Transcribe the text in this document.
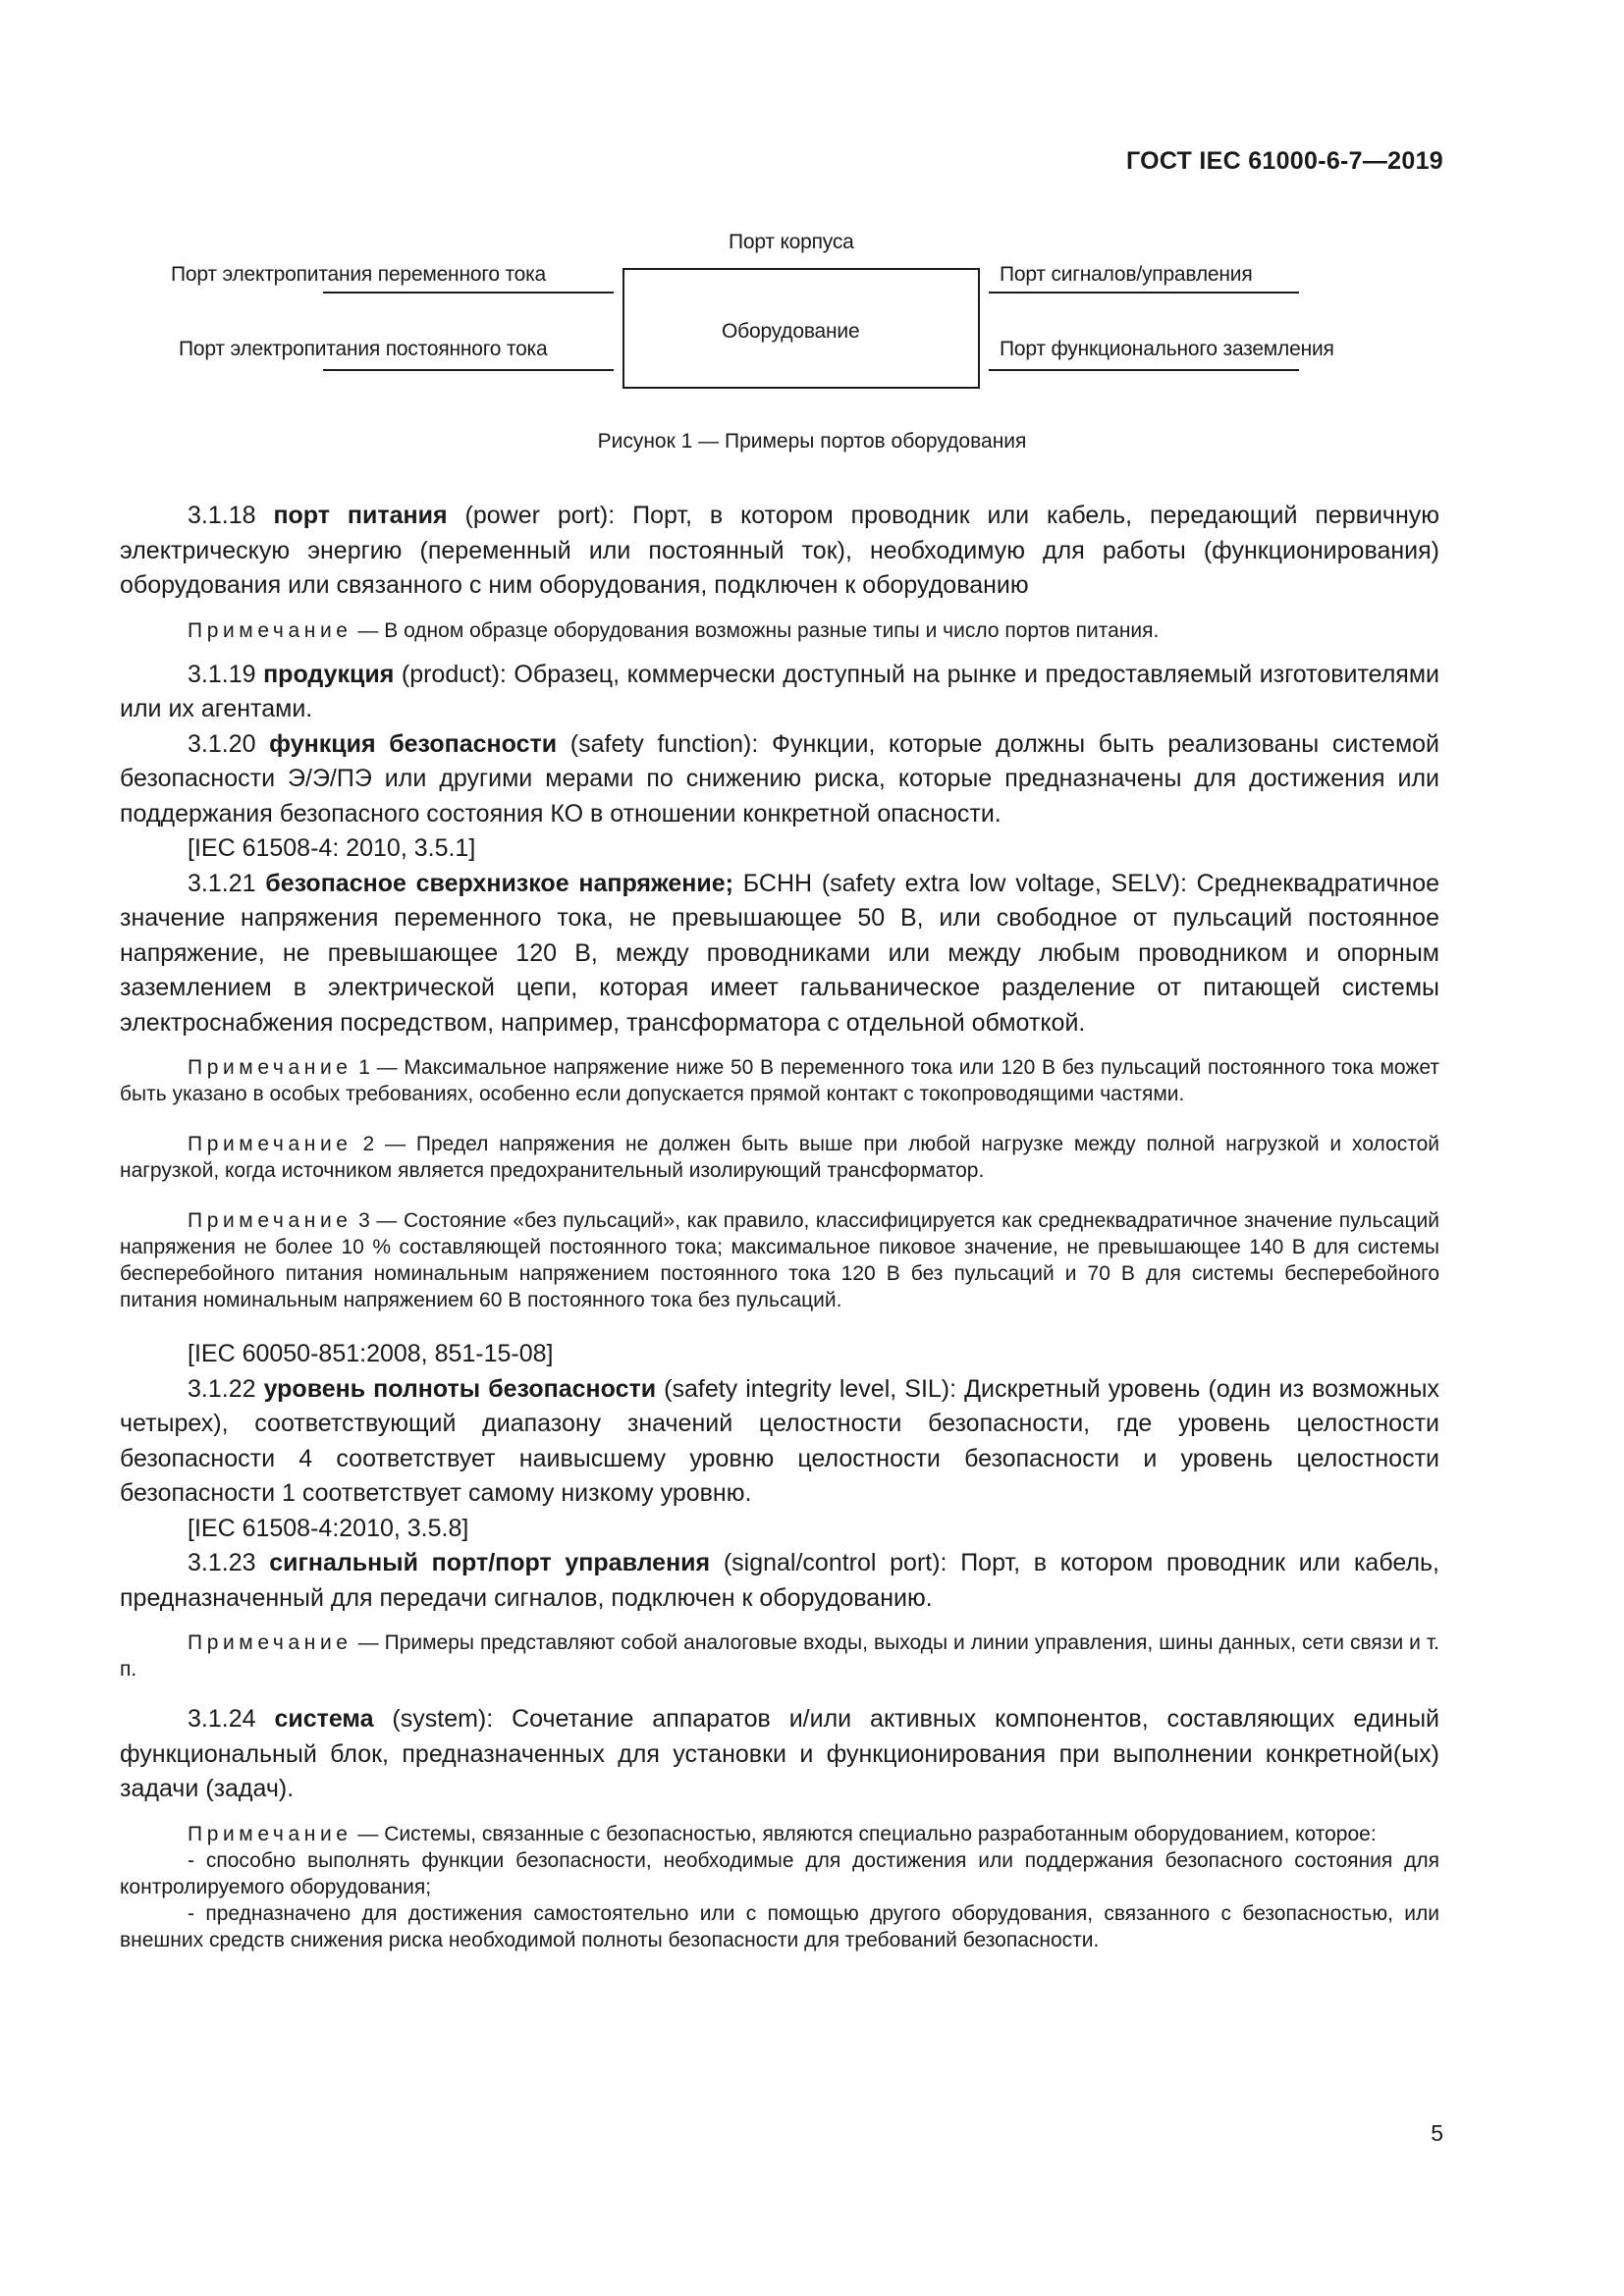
ГОСТ IEC 61000-6-7—2019
Порт корпуса
Порт электропитания переменного тока
Порт электропитания постоянного тока
Оборудование
Порт сигналов/управления
Порт функционального заземления
Рисунок 1 — Примеры портов оборудования

3.1.18 порт питания (power port): Порт, в котором проводник или кабель, передающий первичную электрическую энергию (переменный или постоянный ток), необходимую для работы (функционирования) оборудования или связанного с ним оборудования, подключен к оборудованию

Примечание — В одном образце оборудования возможны разные типы и число портов питания.

3.1.19 продукция (product): Образец, коммерчески доступный на рынке и предоставляемый изготовителями или их агентами.

3.1.20 функция безопасности (safety function): Функции, которые должны быть реализованы системой безопасности Э/Э/ПЭ или другими мерами по снижению риска, которые предназначены для достижения или поддержания безопасного состояния КО в отношении конкретной опасности.

[IEC 61508-4: 2010, 3.5.1]

3.1.21 безопасное сверхнизкое напряжение; БСНН (safety extra low voltage, SELV): Среднеквадратичное значение напряжения переменного тока, не превышающее 50 В, или свободное от пульсаций постоянное напряжение, не превышающее 120 В, между проводниками или между любым проводником и опорным заземлением в электрической цепи, которая имеет гальваническое разделение от питающей системы электроснабжения посредством, например, трансформатора с отдельной обмоткой.

Примечание 1 — Максимальное напряжение ниже 50 В переменного тока или 120 В без пульсаций постоянного тока может быть указано в особых требованиях, особенно если допускается прямой контакт с токопроводящими частями.

Примечание 2 — Предел напряжения не должен быть выше при любой нагрузке между полной нагрузкой и холостой нагрузкой, когда источником является предохранительный изолирующий трансформатор.

Примечание 3 — Состояние «без пульсаций», как правило, классифицируется как среднеквадратичное значение пульсаций напряжения не более 10 % составляющей постоянного тока; максимальное пиковое значение, не превышающее 140 В для системы бесперебойного питания номинальным напряжением постоянного тока 120 В без пульсаций и 70 В для системы бесперебойного питания номинальным напряжением 60 В постоянного тока без пульсаций.

[IEC 60050-851:2008, 851-15-08]

3.1.22 уровень полноты безопасности (safety integrity level, SIL): Дискретный уровень (один из возможных четырех), соответствующий диапазону значений целостности безопасности, где уровень целостности безопасности 4 соответствует наивысшему уровню целостности безопасности и уровень целостности безопасности 1 соответствует самому низкому уровню.

[IEC 61508-4:2010, 3.5.8]

3.1.23 сигнальный порт/порт управления (signal/control port): Порт, в котором проводник или кабель, предназначенный для передачи сигналов, подключен к оборудованию.

Примечание — Примеры представляют собой аналоговые входы, выходы и линии управления, шины данных, сети связи и т. п.

3.1.24 система (system): Сочетание аппаратов и/или активных компонентов, составляющих единый функциональный блок, предназначенных для установки и функционирования при выполнении конкретной(ых) задачи (задач).

Примечание — Системы, связанные с безопасностью, являются специально разработанным оборудованием, которое:

- способно выполнять функции безопасности, необходимые для достижения или поддержания безопасного состояния для контролируемого оборудования;

- предназначено для достижения самостоятельно или с помощью другого оборудования, связанного с безопасностью, или внешних средств снижения риска необходимой полноты безопасности для требований безопасности.

5
